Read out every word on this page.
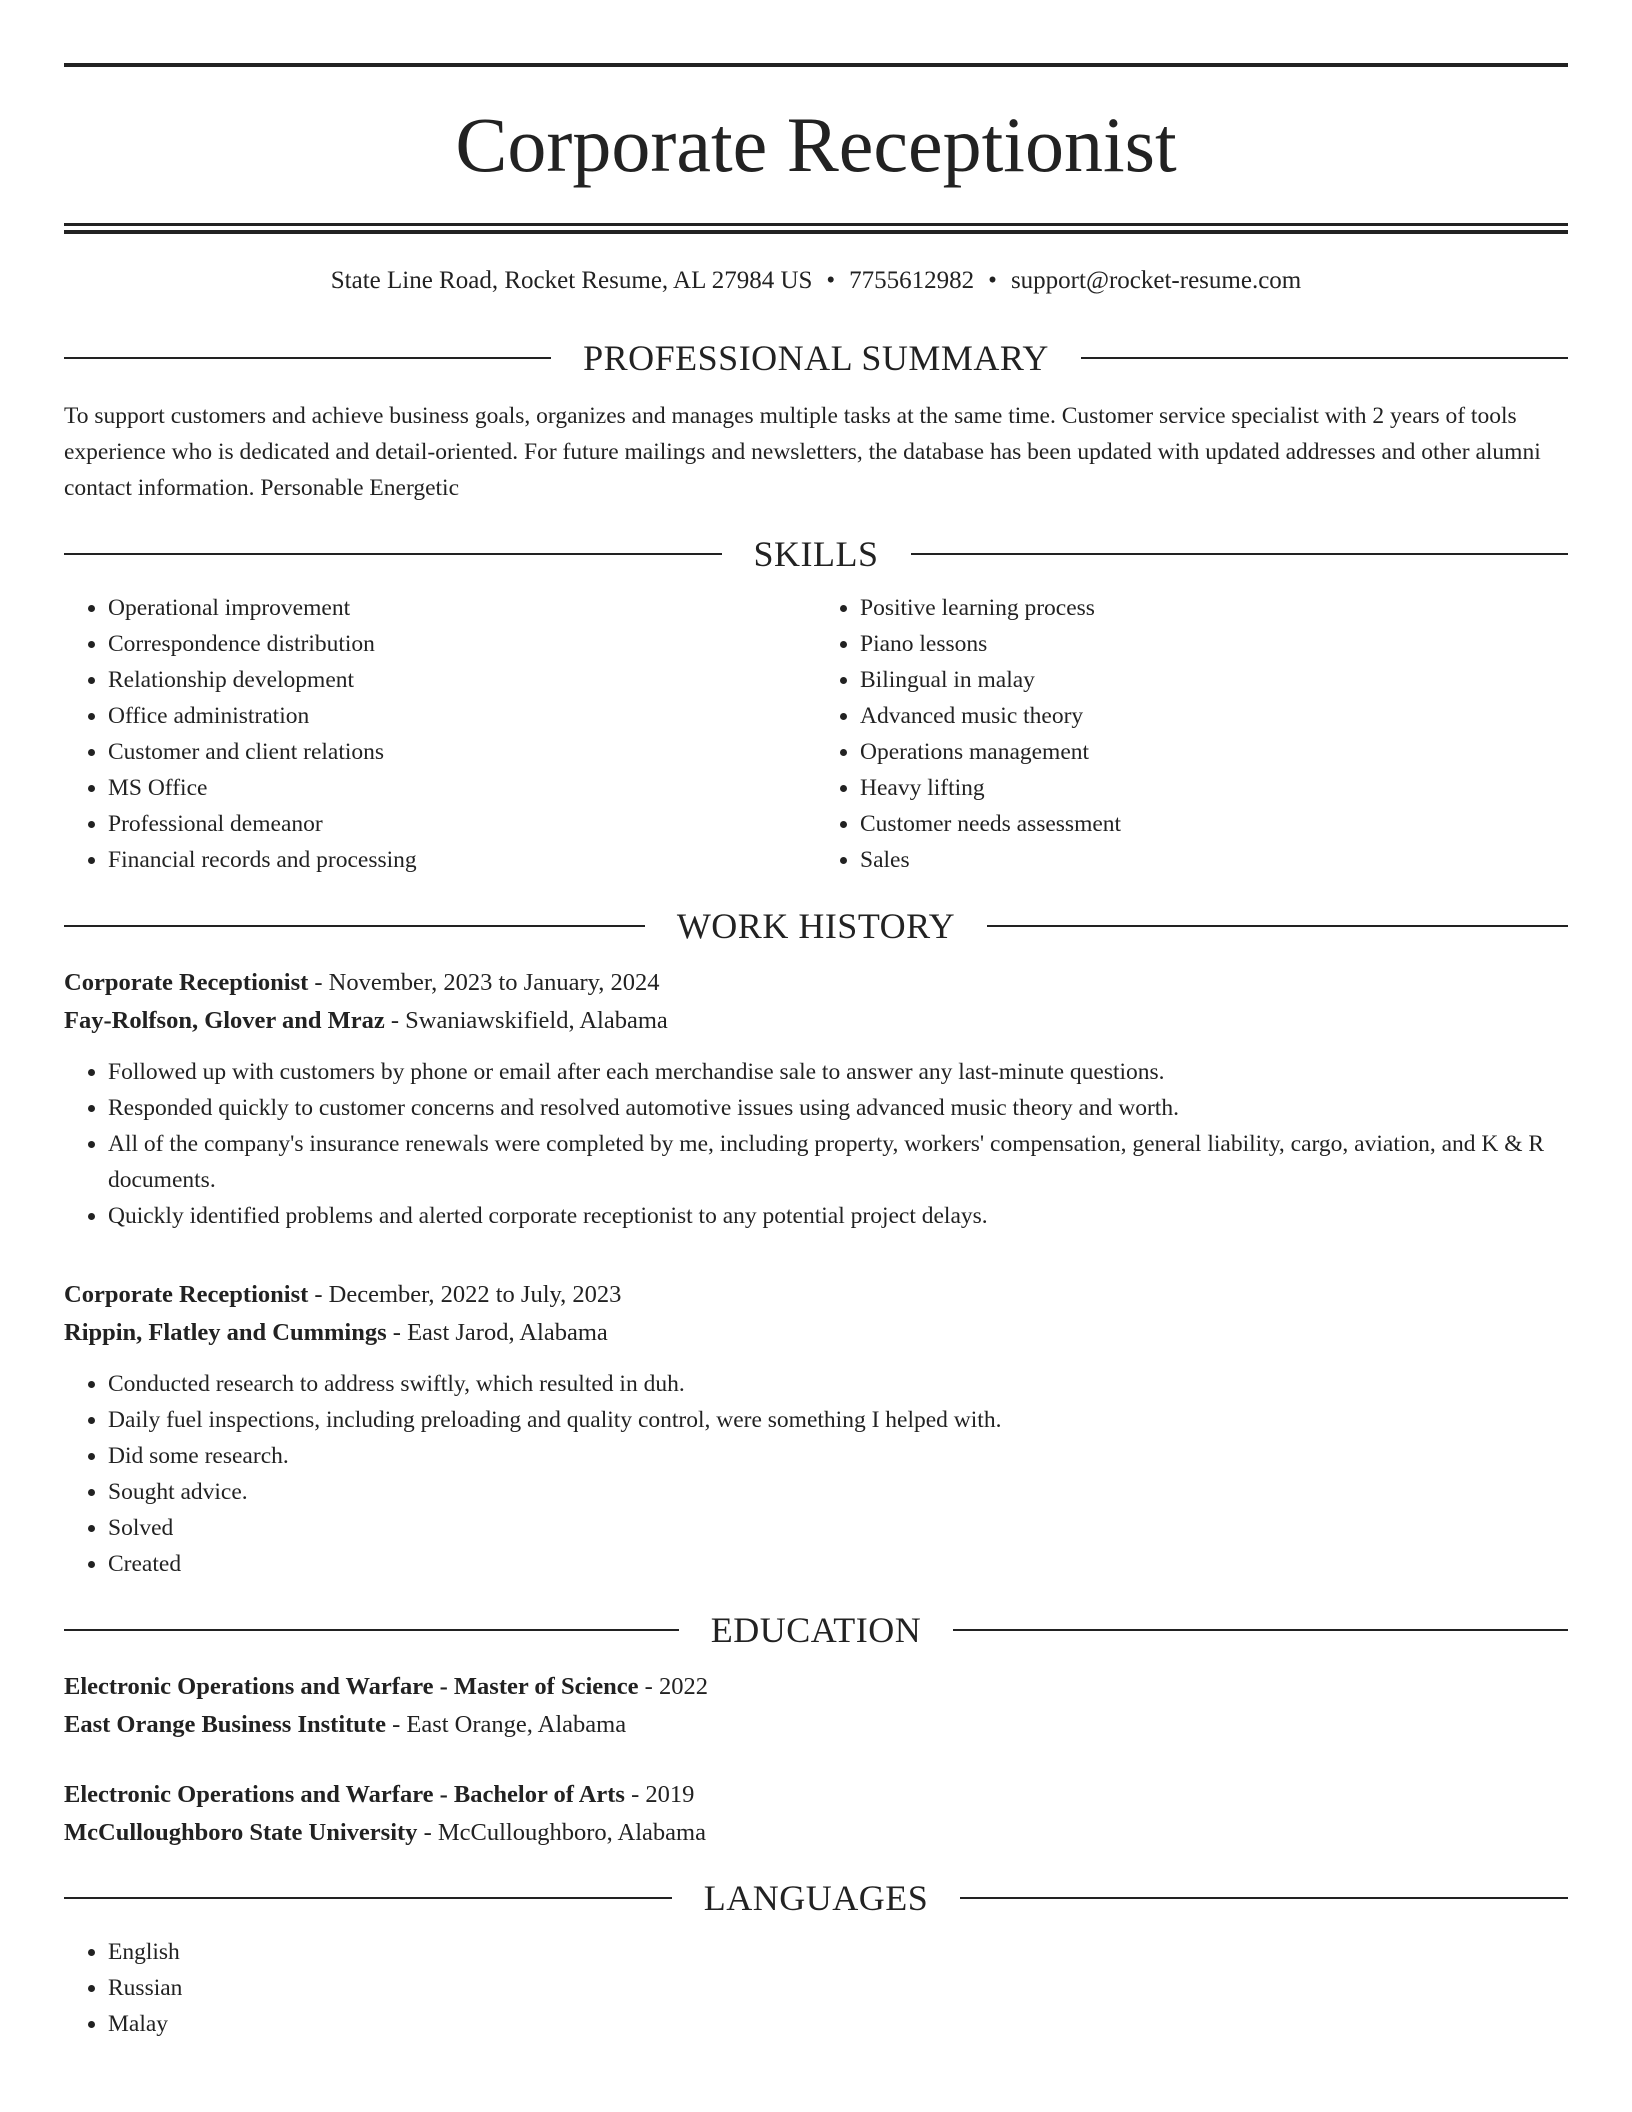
Corporate Receptionist
State Line Road, Rocket Resume, AL 27984 US • 7755612982 • support@rocket-resume.com
PROFESSIONAL SUMMARY
To support customers and achieve business goals, organizes and manages multiple tasks at the same time. Customer service specialist with 2 years of tools experience who is dedicated and detail-oriented. For future mailings and newsletters, the database has been updated with updated addresses and other alumni contact information. Personable Energetic
SKILLS
• Operational improvement
• Correspondence distribution
• Relationship development
• Office administration
• Customer and client relations
• MS Office
• Professional demeanor
• Financial records and processing
• Positive learning process
• Piano lessons
• Bilingual in malay
• Advanced music theory
• Operations management
• Heavy lifting
• Customer needs assessment
• Sales
WORK HISTORY
Corporate Receptionist - November, 2023 to January, 2024
Fay-Rolfson, Glover and Mraz - Swaniawskifield, Alabama
• Followed up with customers by phone or email after each merchandise sale to answer any last-minute questions.
• Responded quickly to customer concerns and resolved automotive issues using advanced music theory and worth.
• All of the company's insurance renewals were completed by me, including property, workers' compensation, general liability, cargo, aviation, and K & R documents.
• Quickly identified problems and alerted corporate receptionist to any potential project delays.
Corporate Receptionist - December, 2022 to July, 2023
Rippin, Flatley and Cummings - East Jarod, Alabama
• Conducted research to address swiftly, which resulted in duh.
• Daily fuel inspections, including preloading and quality control, were something I helped with.
• Did some research.
• Sought advice.
• Solved
• Created
EDUCATION
Electronic Operations and Warfare - Master of Science - 2022
East Orange Business Institute - East Orange, Alabama
Electronic Operations and Warfare - Bachelor of Arts - 2019
McCulloughboro State University - McCulloughboro, Alabama
LANGUAGES
• English
• Russian
• Malay
